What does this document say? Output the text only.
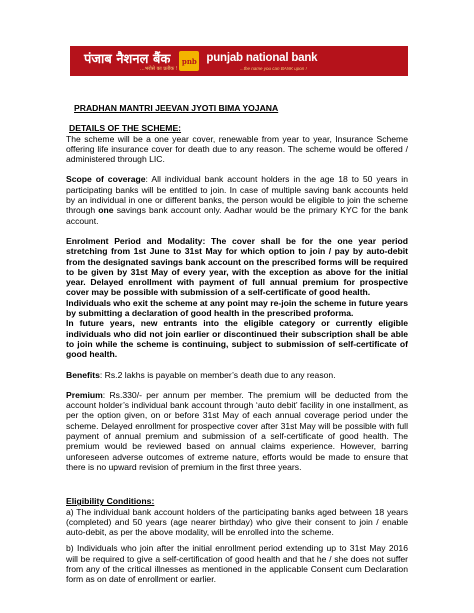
पंजाब नैशनल बैंक
...भरोसे का प्रतीक !
pnb punjab national bank
...the name you can BANK upon !
PRADHAN MANTRI JEEVAN JYOTI BIMA YOJANA
DETAILS OF THE SCHEME:

The scheme will be a one year cover, renewable from year to year, Insurance Scheme offering life insurance cover for death due to any reason. The scheme would be offered / administered through LIC.

Scope of coverage: All individual bank account holders in the age 18 to 50 years in participating banks will be entitled to join. In case of multiple saving bank accounts held by an individual in one or different banks, the person would be eligible to join the scheme through one savings bank account only. Aadhar would be the primary KYC for the bank account.

Enrolment Period and Modality: The cover shall be for the one year period stretching from 1st June to 31st May for which option to join / pay by auto-debit from the designated savings bank account on the prescribed forms will be required to be given by 31st May of every year, with the exception as above for the initial year. Delayed enrollment with payment of full annual premium for prospective cover may be possible with submission of a self-certificate of good health.

Individuals who exit the scheme at any point may re-join the scheme in future years by submitting a declaration of good health in the prescribed proforma.

In future years, new entrants into the eligible category or currently eligible individuals who did not join earlier or discontinued their subscription shall be able to join while the scheme is continuing, subject to submission of self-certificate of good health.

Benefits: Rs.2 lakhs is payable on member’s death due to any reason.

Premium: Rs.330/- per annum per member. The premium will be deducted from the account holder’s individual bank account through ‘auto debit’ facility in one installment, as per the option given, on or before 31st May of each annual coverage period under the scheme. Delayed enrollment for prospective cover after 31st May will be possible with full payment of annual premium and submission of a self-certificate of good health. The premium would be reviewed based on annual claims experience. However, barring unforeseen adverse outcomes of extreme nature, efforts would be made to ensure that there is no upward revision of premium in the first three years.

Eligibility Conditions:

a) The individual bank account holders of the participating banks aged between 18 years (completed) and 50 years (age nearer birthday) who give their consent to join / enable auto-debit, as per the above modality, will be enrolled into the scheme.

b) Individuals who join after the initial enrollment period extending up to 31st May 2016 will be required to give a self-certification of good health and that he / she does not suffer from any of the critical illnesses as mentioned in the applicable Consent cum Declaration form as on date of enrollment or earlier.
